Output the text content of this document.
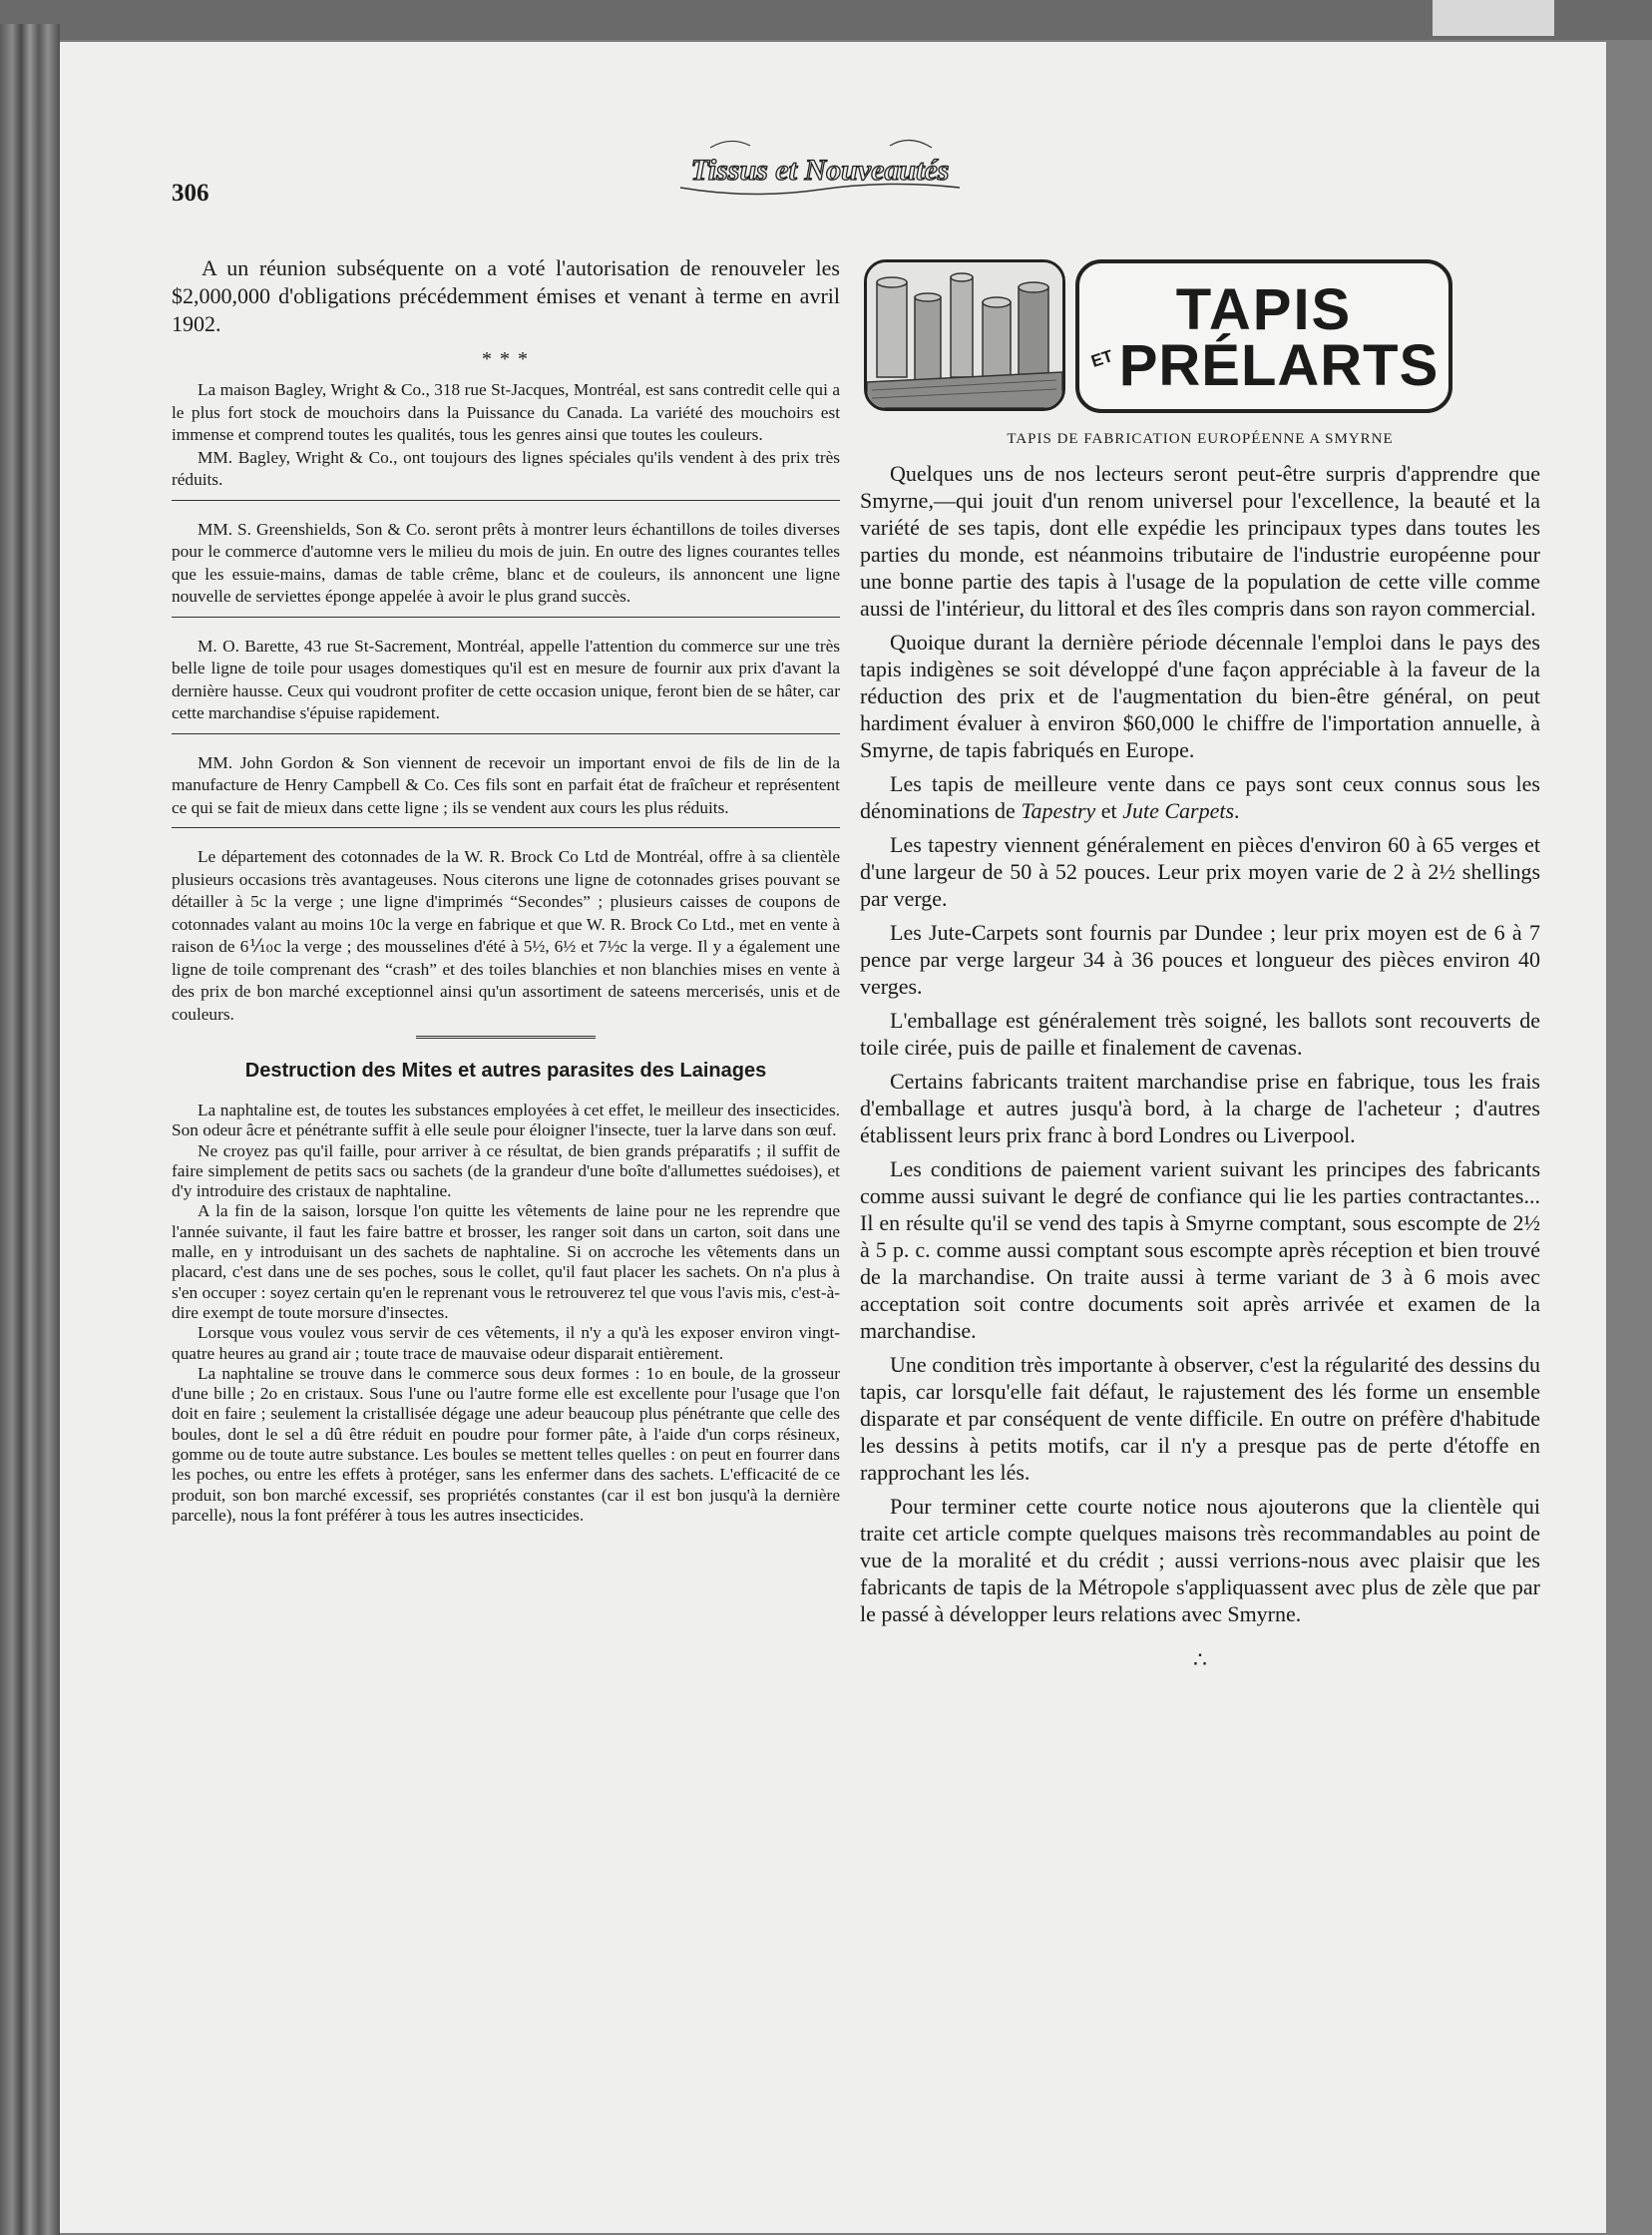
306
Tissus et Nouveautés

A un réunion subséquente on a voté l'autorisation de renouveler les $2,000,000 d'obligations précédemment émises et venant à terme en avril 1902.

* * *

La maison Bagley, Wright & Co., 318 rue St-Jacques, Montréal, est sans contredit celle qui a le plus fort stock de mouchoirs dans la Puissance du Canada. La variété des mouchoirs est immense et comprend toutes les qualités, tous les genres ainsi que toutes les couleurs.

MM. Bagley, Wright & Co., ont toujours des lignes spéciales qu'ils vendent à des prix très réduits.

MM. S. Greenshields, Son & Co. seront prêts à montrer leurs échantillons de toiles diverses pour le commerce d'automne vers le milieu du mois de juin. En outre des lignes courantes telles que les essuie-mains, damas de table crême, blanc et de couleurs, ils annoncent une ligne nouvelle de serviettes éponge appelée à avoir le plus grand succès.

M. O. Barette, 43 rue St-Sacrement, Montréal, appelle l'attention du commerce sur une très belle ligne de toile pour usages domestiques qu'il est en mesure de fournir aux prix d'avant la dernière hausse. Ceux qui voudront profiter de cette occasion unique, feront bien de se hâter, car cette marchandise s'épuise rapidement.

MM. John Gordon & Son viennent de recevoir un important envoi de fils de lin de la manufacture de Henry Campbell & Co. Ces fils sont en parfait état de fraîcheur et représentent ce qui se fait de mieux dans cette ligne ; ils se vendent aux cours les plus réduits.

Le département des cotonnades de la W. R. Brock Co Ltd de Montréal, offre à sa clientèle plusieurs occasions très avantageuses. Nous citerons une ligne de cotonnades grises pouvant se détailler à 5c la verge ; une ligne d'imprimés “Secondes” ; plusieurs caisses de coupons de cotonnades valant au moins 10c la verge en fabrique et que W. R. Brock Co Ltd., met en vente à raison de 6⅒c la verge ; des mousselines d'été à 5½, 6½ et 7½c la verge. Il y a également une ligne de toile comprenant des “crash” et des toiles blanchies et non blanchies mises en vente à des prix de bon marché exceptionnel ainsi qu'un assortiment de sateens mercerisés, unis et de couleurs.

Destruction des Mites et autres parasites des Lainages

La naphtaline est, de toutes les substances employées à cet effet, le meilleur des insecticides. Son odeur âcre et pénétrante suffit à elle seule pour éloigner l'insecte, tuer la larve dans son œuf.

Ne croyez pas qu'il faille, pour arriver à ce résultat, de bien grands préparatifs ; il suffit de faire simplement de petits sacs ou sachets (de la grandeur d'une boîte d'allumettes suédoises), et d'y introduire des cristaux de naphtaline.

A la fin de la saison, lorsque l'on quitte les vêtements de laine pour ne les reprendre que l'année suivante, il faut les faire battre et brosser, les ranger soit dans un carton, soit dans une malle, en y introduisant un des sachets de naphtaline. Si on accroche les vêtements dans un placard, c'est dans une de ses poches, sous le collet, qu'il faut placer les sachets. On n'a plus à s'en occuper : soyez certain qu'en le reprenant vous le retrouverez tel que vous l'avis mis, c'est-à-dire exempt de toute morsure d'insectes.

Lorsque vous voulez vous servir de ces vêtements, il n'y a qu'à les exposer environ vingt-quatre heures au grand air ; toute trace de mauvaise odeur disparait entièrement.

La naphtaline se trouve dans le commerce sous deux formes : 1o en boule, de la grosseur d'une bille ; 2o en cristaux. Sous l'une ou l'autre forme elle est excellente pour l'usage que l'on doit en faire ; seulement la cristallisée dégage une adeur beaucoup plus pénétrante que celle des boules, dont le sel a dû être réduit en poudre pour former pâte, à l'aide d'un corps résineux, gomme ou de toute autre substance. Les boules se mettent telles quelles : on peut en fourrer dans les poches, ou entre les effets à protéger, sans les enfermer dans des sachets. L'efficacité de ce produit, son bon marché excessif, ses propriétés constantes (car il est bon jusqu'à la dernière parcelle), nous la font préférer à tous les autres insecticides.

TAPIS
ET PRÉLARTS
TAPIS DE FABRICATION EUROPÉENNE A SMYRNE

Quelques uns de nos lecteurs seront peut-être surpris d'apprendre que Smyrne,—qui jouit d'un renom universel pour l'excellence, la beauté et la variété de ses tapis, dont elle expédie les principaux types dans toutes les parties du monde, est néanmoins tributaire de l'industrie européenne pour une bonne partie des tapis à l'usage de la population de cette ville comme aussi de l'intérieur, du littoral et des îles compris dans son rayon commercial.

Quoique durant la dernière période décennale l'emploi dans le pays des tapis indigènes se soit développé d'une façon appréciable à la faveur de la réduction des prix et de l'augmentation du bien-être général, on peut hardiment évaluer à environ $60,000 le chiffre de l'importation annuelle, à Smyrne, de tapis fabriqués en Europe.

Les tapis de meilleure vente dans ce pays sont ceux connus sous les dénominations de Tapestry et Jute Carpets.

Les tapestry viennent généralement en pièces d'environ 60 à 65 verges et d'une largeur de 50 à 52 pouces. Leur prix moyen varie de 2 à 2½ shellings par verge.

Les Jute-Carpets sont fournis par Dundee ; leur prix moyen est de 6 à 7 pence par verge largeur 34 à 36 pouces et longueur des pièces environ 40 verges.

L'emballage est généralement très soigné, les ballots sont recouverts de toile cirée, puis de paille et finalement de cavenas.

Certains fabricants traitent marchandise prise en fabrique, tous les frais d'emballage et autres jusqu'à bord, à la charge de l'acheteur ; d'autres établissent leurs prix franc à bord Londres ou Liverpool.

Les conditions de paiement varient suivant les principes des fabricants comme aussi suivant le degré de confiance qui lie les parties contractantes... Il en résulte qu'il se vend des tapis à Smyrne comptant, sous escompte de 2½ à 5 p. c. comme aussi comptant sous escompte après réception et bien trouvé de la marchandise. On traite aussi à terme variant de 3 à 6 mois avec acceptation soit contre documents soit après arrivée et examen de la marchandise.

Une condition très importante à observer, c'est la régularité des dessins du tapis, car lorsqu'elle fait défaut, le rajustement des lés forme un ensemble disparate et par conséquent de vente difficile. En outre on préfère d'habitude les dessins à petits motifs, car il n'y a presque pas de perte d'étoffe en rapprochant les lés.

Pour terminer cette courte notice nous ajouterons que la clientèle qui traite cet article compte quelques maisons très recommandables au point de vue de la moralité et du crédit ; aussi verrions-nous avec plaisir que les fabricants de tapis de la Métropole s'appliquassent avec plus de zèle que par le passé à développer leurs relations avec Smyrne.

∴
